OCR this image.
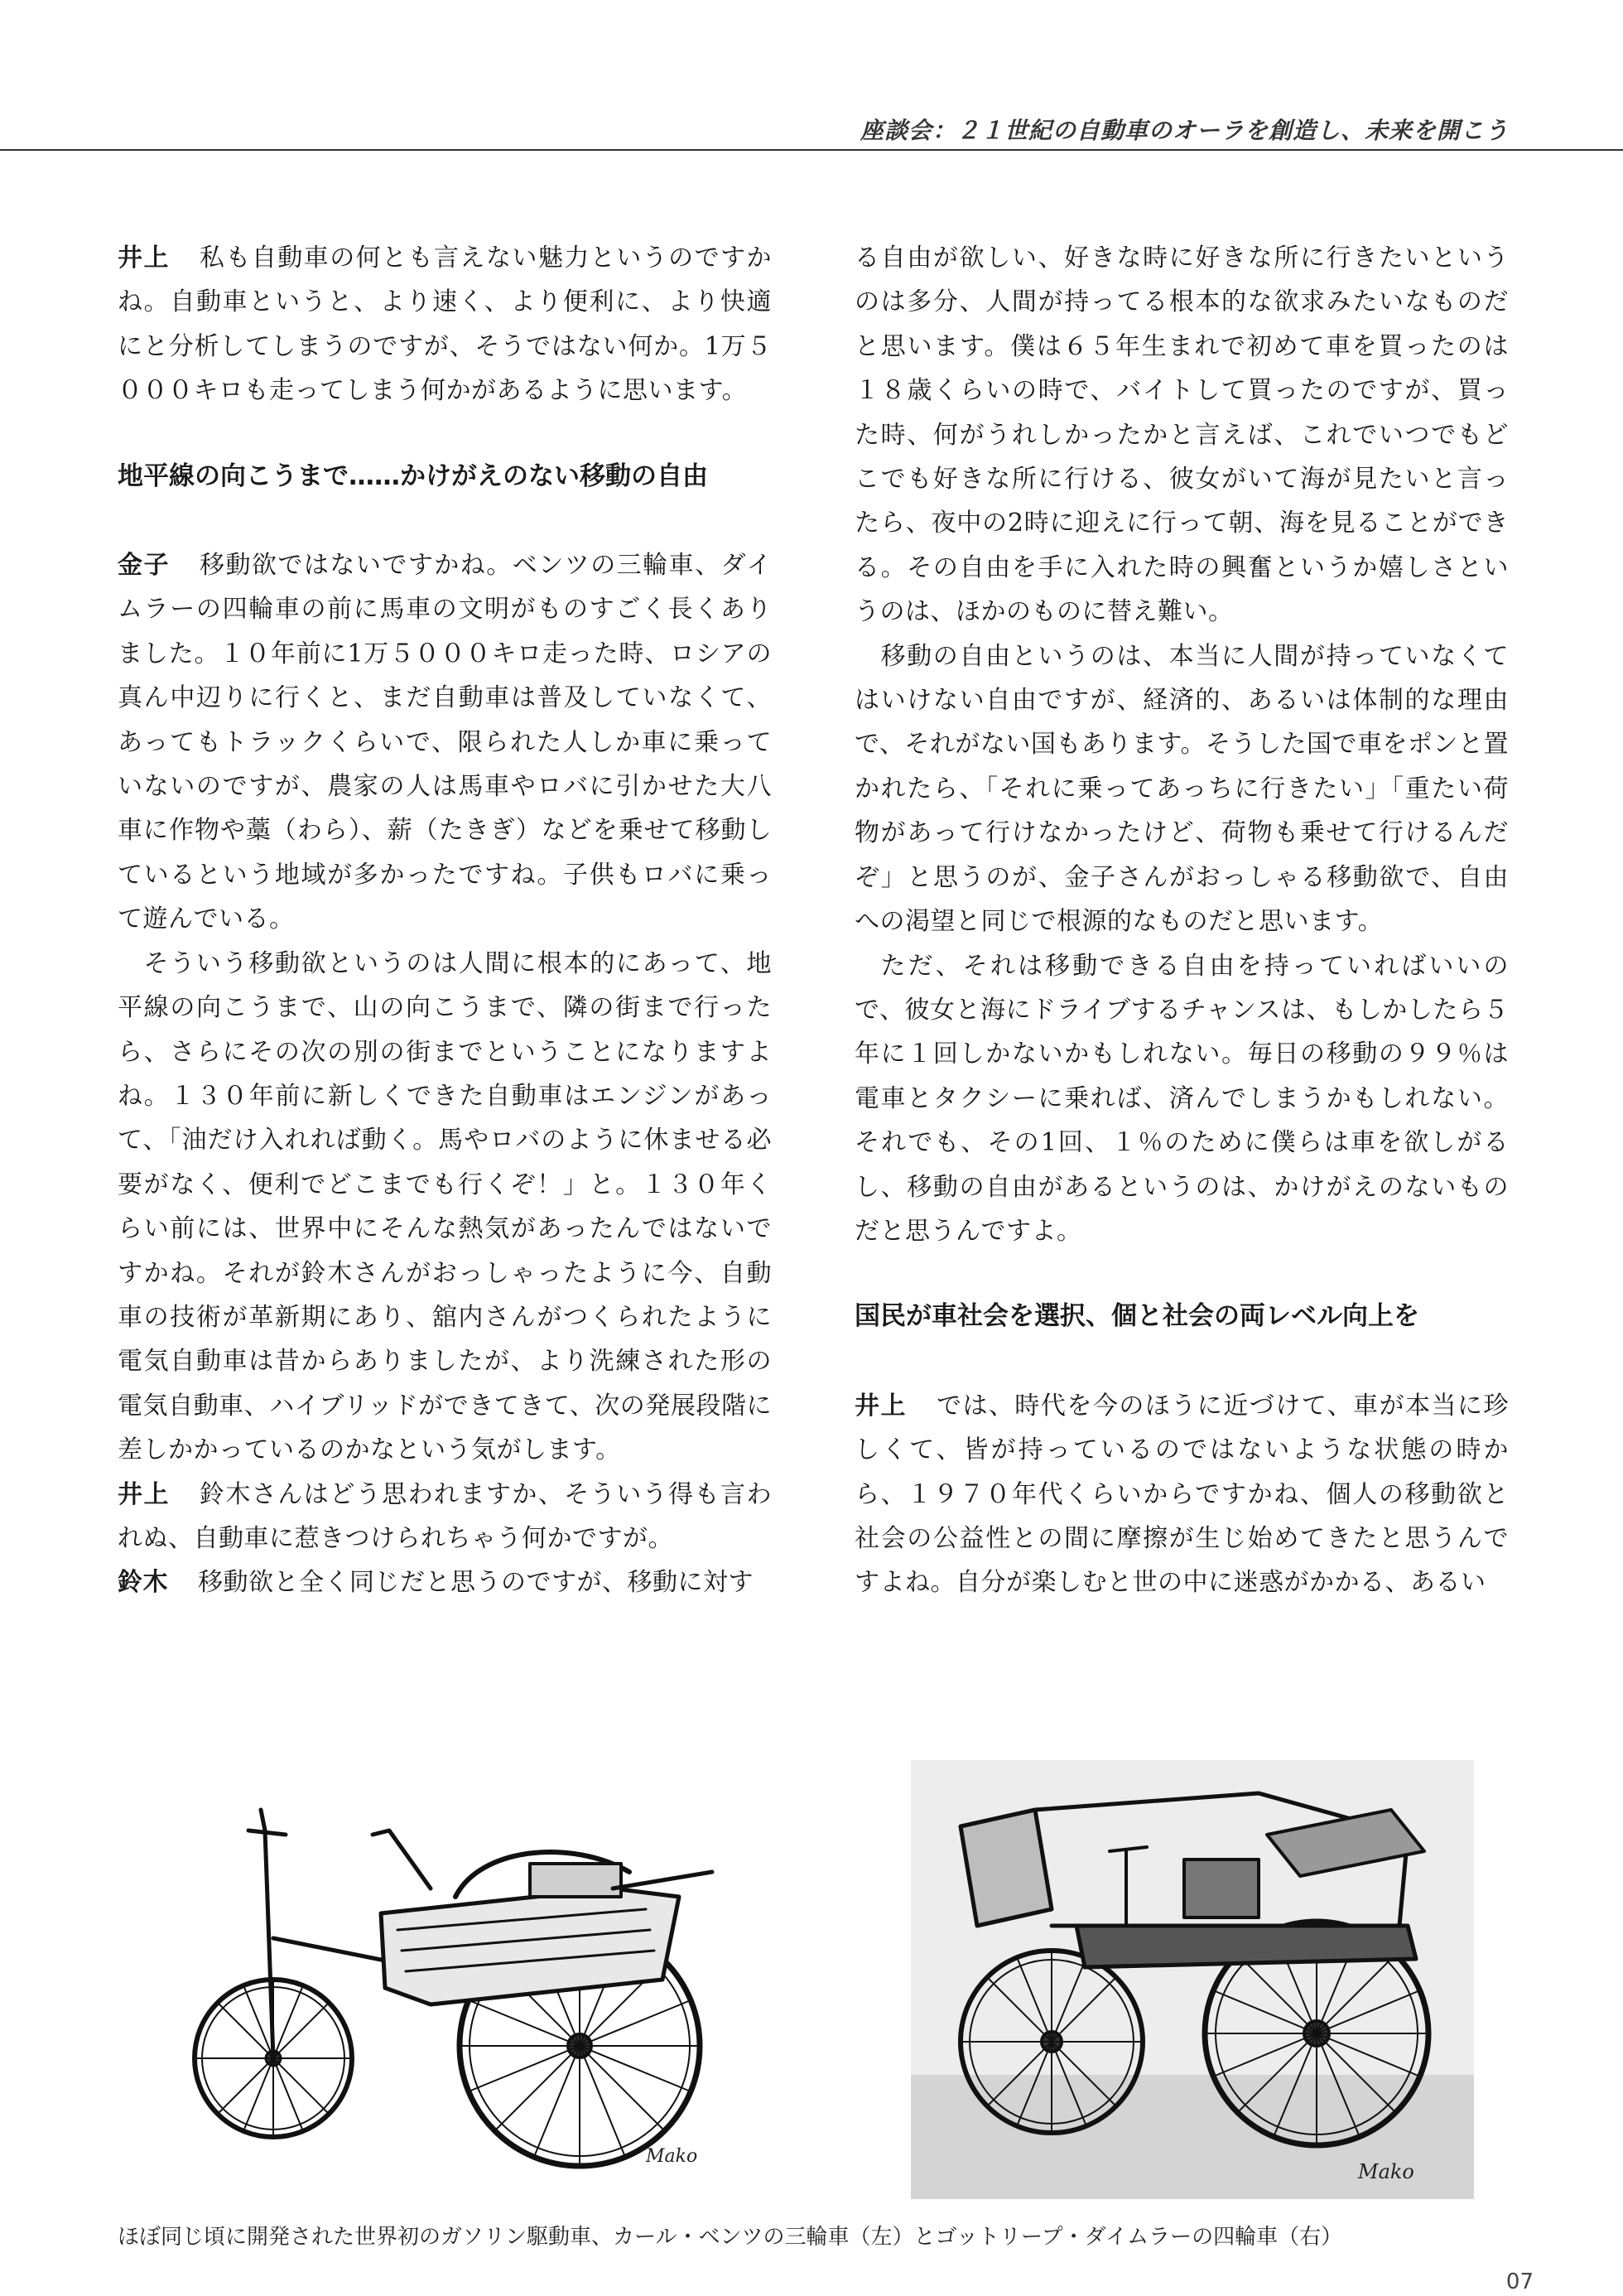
座談会：２１世紀の自動車のオーラを創造し、未来を開こう

井上 私も自動車の何とも言えない魅力というのですかね。自動車というと、より速く、より便利に、より快適にと分析してしまうのですが、そうではない何か。1万５０００キロも走ってしまう何かがあるように思います。

地平線の向こうまで……かけがえのない移動の自由

金子 移動欲ではないですかね。ベンツの三輪車、ダイムラーの四輪車の前に馬車の文明がものすごく長くありました。１０年前に1万５０００キロ走った時、ロシアの真ん中辺りに行くと、まだ自動車は普及していなくて、あってもトラックくらいで、限られた人しか車に乗っていないのですが、農家の人は馬車やロバに引かせた大八車に作物や藁（わら）、薪（たきぎ）などを乗せて移動しているという地域が多かったですね。子供もロバに乗って遊んでいる。

そういう移動欲というのは人間に根本的にあって、地平線の向こうまで、山の向こうまで、隣の街まで行ったら、さらにその次の別の街までということになりますよね。１３０年前に新しくできた自動車はエンジンがあって、「油だけ入れれば動く。馬やロバのように休ませる必要がなく、便利でどこまでも行くぞ！」と。１３０年くらい前には、世界中にそんな熱気があったんではないですかね。それが鈴木さんがおっしゃったように今、自動車の技術が革新期にあり、舘内さんがつくられたように電気自動車は昔からありましたが、より洗練された形の電気自動車、ハイブリッドができてきて、次の発展段階に差しかかっているのかなという気がします。

井上 鈴木さんはどう思われますか、そういう得も言われぬ、自動車に惹きつけられちゃう何かですが。

鈴木 移動欲と全く同じだと思うのですが、移動に対す

る自由が欲しい、好きな時に好きな所に行きたいというのは多分、人間が持ってる根本的な欲求みたいなものだと思います。僕は６５年生まれで初めて車を買ったのは１８歳くらいの時で、バイトして買ったのですが、買った時、何がうれしかったかと言えば、これでいつでもどこでも好きな所に行ける、彼女がいて海が見たいと言ったら、夜中の2時に迎えに行って朝、海を見ることができる。その自由を手に入れた時の興奮というか嬉しさというのは、ほかのものに替え難い。

移動の自由というのは、本当に人間が持っていなくてはいけない自由ですが、経済的、あるいは体制的な理由で、それがない国もあります。そうした国で車をポンと置かれたら、「それに乗ってあっちに行きたい」「重たい荷物があって行けなかったけど、荷物も乗せて行けるんだぞ」と思うのが、金子さんがおっしゃる移動欲で、自由への渇望と同じで根源的なものだと思います。

ただ、それは移動できる自由を持っていればいいので、彼女と海にドライブするチャンスは、もしかしたら５年に１回しかないかもしれない。毎日の移動の９９％は電車とタクシーに乗れば、済んでしまうかもしれない。それでも、その1回、１％のために僕らは車を欲しがるし、移動の自由があるというのは、かけがえのないものだと思うんですよ。

国民が車社会を選択、個と社会の両レベル向上を

井上 では、時代を今のほうに近づけて、車が本当に珍しくて、皆が持っているのではないような状態の時から、１９７０年代くらいからですかね、個人の移動欲と社会の公益性との間に摩擦が生じ始めてきたと思うんですよね。自分が楽しむと世の中に迷惑がかかる、あるい

Mako
Mako
ほぼ同じ頃に開発された世界初のガソリン駆動車、カール・ベンツの三輪車（左）とゴットリープ・ダイムラーの四輪車（右）
07
